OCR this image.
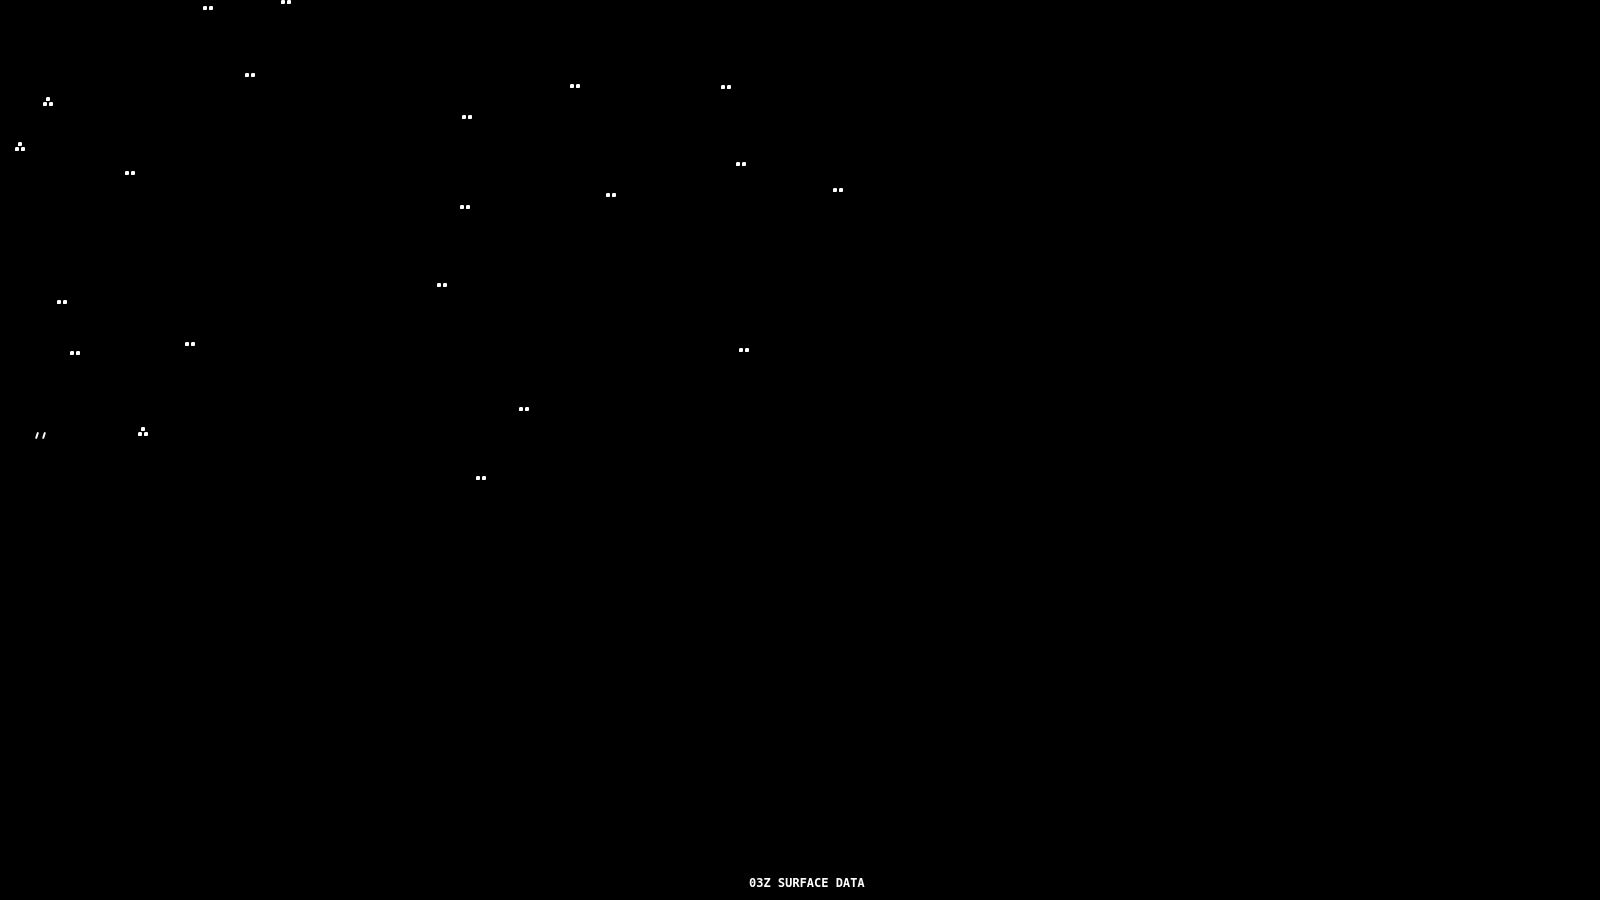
03Z SURFACE DATA
